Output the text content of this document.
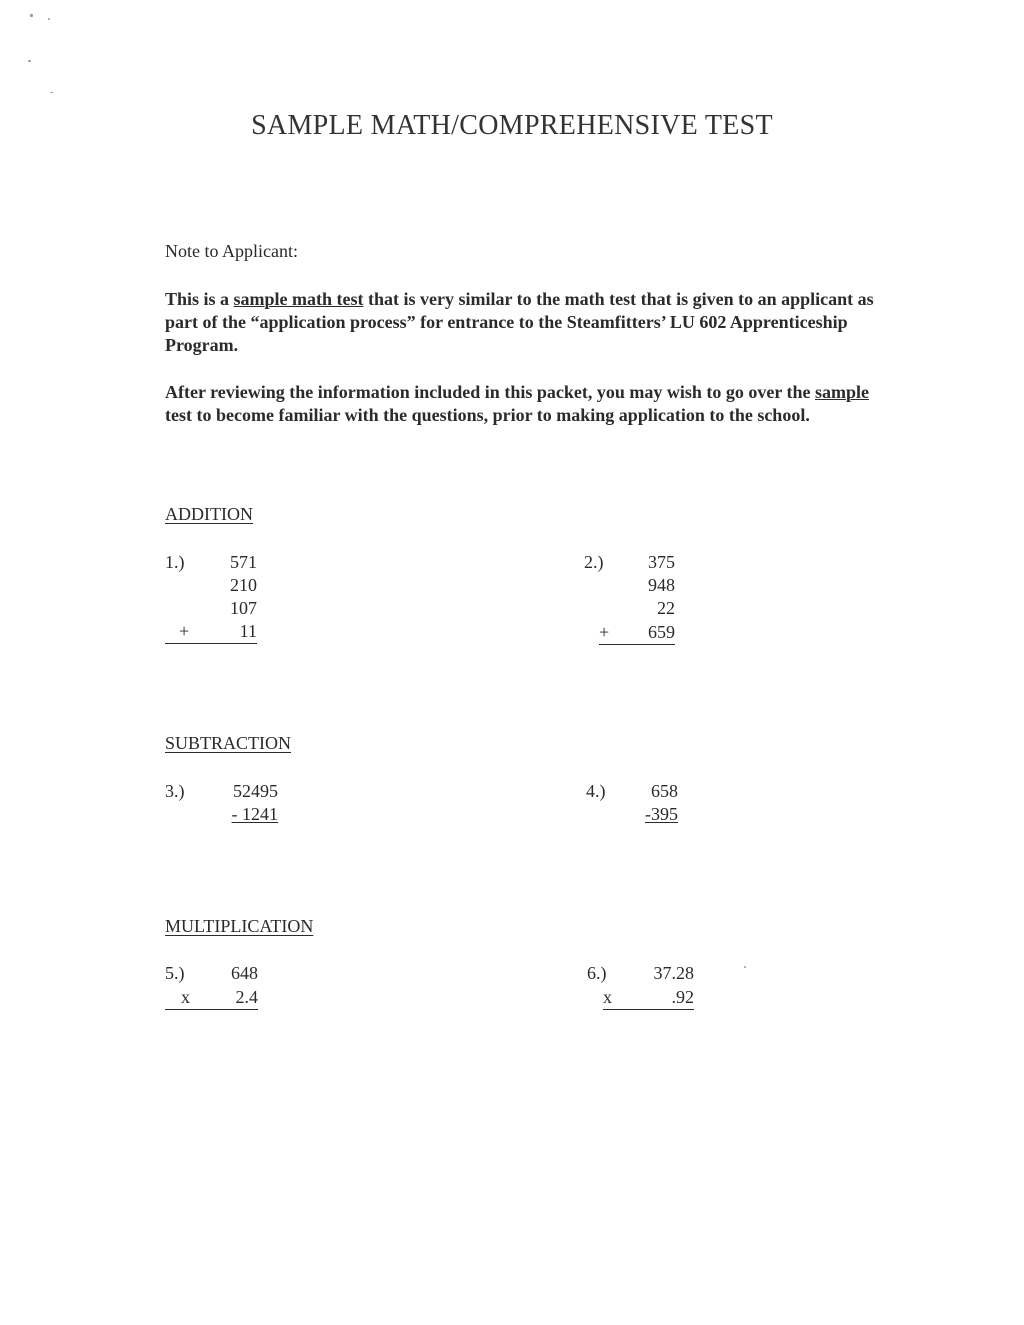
SAMPLE MATH/COMPREHENSIVE TEST
Note to Applicant:
This is a sample math test that is very similar to the math test that is given to an applicant as part of the “application process” for entrance to the Steamfitters’ LU 602 Apprenticeship Program.
After reviewing the information included in this packet, you may wish to go over the sample test to become familiar with the questions, prior to making application to the school.
ADDITION
1.)	571
210
107
+	11
2.)	375
948
22
+ 659
SUBTRACTION
3.)	52495
- 1241
4.)	658
-395
MULTIPLICATION
5.)	648
x	2.4
6.)	37.28
x	.92
